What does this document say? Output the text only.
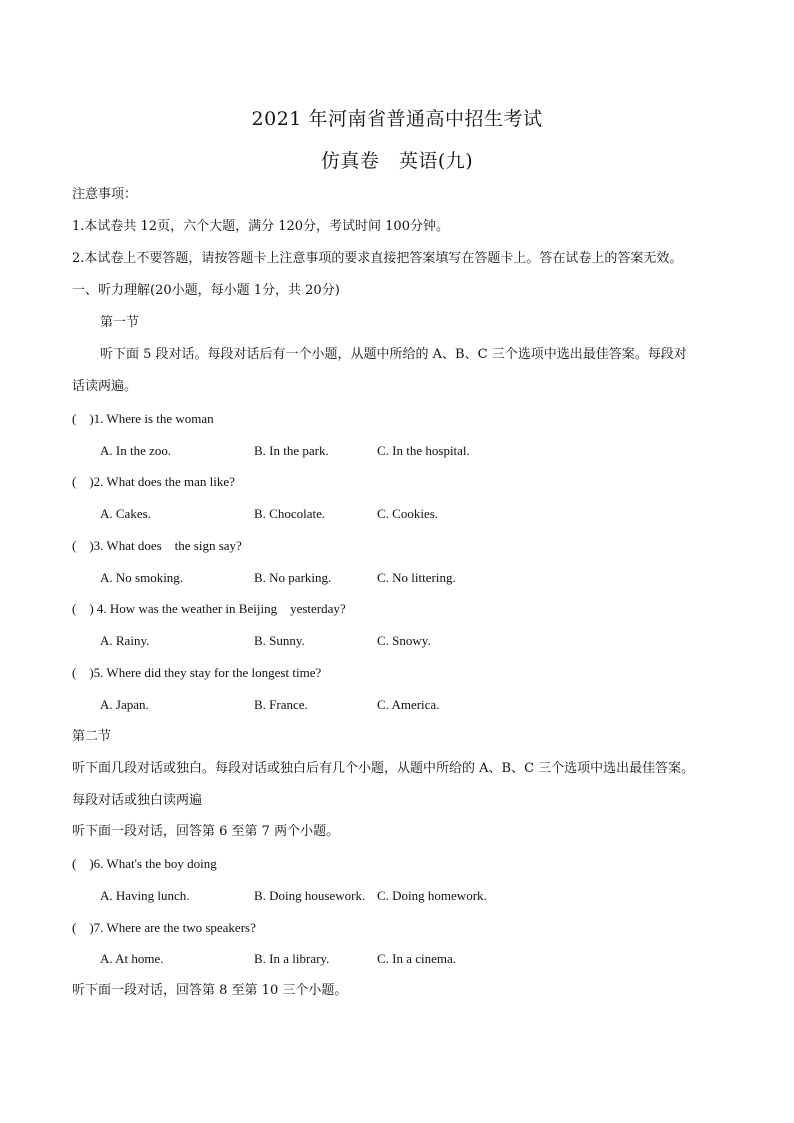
2021 年河南省普通高中招生考试
仿真卷　英语(九)
注意事项：
1.本试卷共 12页，六个大题，满分 120分，考试时间 100分钟。
2.本试卷上不要答题，请按答题卡上注意事项的要求直接把答案填写在答题卡上。答在试卷上的答案无效。
一、听力理解(20小题，每小题 1分，共 20分)
第一节
听下面 5 段对话。每段对话后有一个小题，从题中所给的 A、B、C 三个选项中选出最佳答案。每段对
话读两遍。
(　)1. Where is the woman
A. In the zoo.	B. In the park.	C. In the hospital.
(　)2. What does the man like?
A. Cakes.	B. Chocolate.	C. Cookies.
(　)3. What does　the sign say?
A. No smoking.	B. No parking.	C. No littering.
(　) 4. How was the weather in Beijing　yesterday?
A. Rainy.	B. Sunny.	C. Snowy.
(　)5. Where did they stay for the longest time?
A. Japan.	B. France.	C. America.
第二节
听下面几段对话或独白。每段对话或独白后有几个小题，从题中所给的 A、B、C 三个选项中选出最佳答案。
每段对话或独白读两遍
听下面一段对话，回答第 6 至第 7 两个小题。
(　)6. What's the boy doing
A. Having lunch.	B. Doing housework. C. Doing homework.
(　)7. Where are the two speakers?
A. At home.	B. In a library.	C. In a cinema.
听下面一段对话，回答第 8 至第 10 三个小题。
